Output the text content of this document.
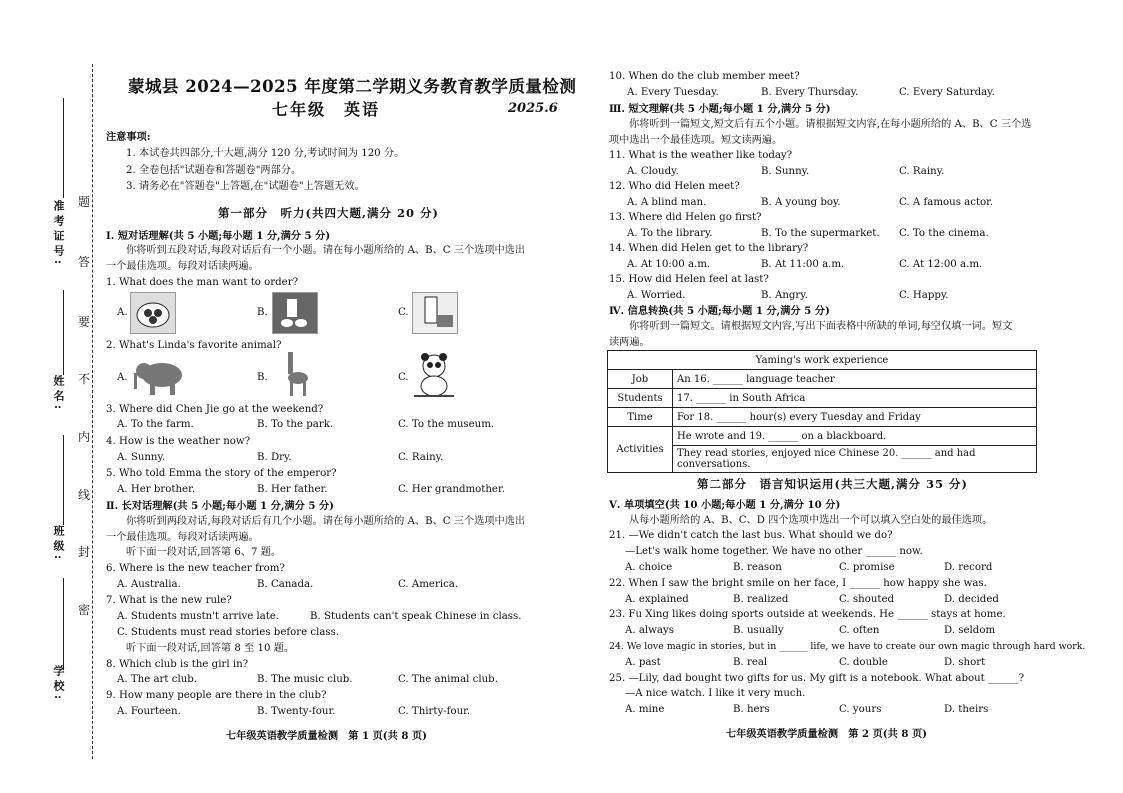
学校:
班级:
姓名:
准考证号: 题
答
要
不
内
线
封
密
蒙城县 2024—2025 年度第二学期义务教育教学质量检测
七年级　英语	2025.6
注意事项:
1. 本试卷共四部分,十大题,满分 120 分,考试时间为 120 分。
2. 全卷包括"试题卷和答题卷"两部分。
3. 请务必在"答题卷"上答题,在"试题卷"上答题无效。
第一部分　听力(共四大题,满分 20 分)
Ⅰ. 短对话理解(共 5 小题;每小题 1 分,满分 5 分)
你将听到五段对话,每段对话后有一个小题。请在每小题所给的 A、B、C 三个选项中选出
一个最佳选项。每段对话读两遍。
1. What does the man want to order?
A.	B.	C.
2. What's Linda's favorite animal?
A.	B.	C.
3. Where did Chen Jie go at the weekend?
A. To the farm.	B. To the park.	C. To the museum.
4. How is the weather now?
A. Sunny.	B. Dry.	C. Rainy.
5. Who told Emma the story of the emperor?
A. Her brother.	B. Her father.	C. Her grandmother.
Ⅱ. 长对话理解(共 5 小题;每小题 1 分,满分 5 分)
你将听到两段对话,每段对话后有几个小题。请在每小题所给的 A、B、C 三个选项中选出
一个最佳选项。每段对话读两遍。
听下面一段对话,回答第 6、7 题。
6. Where is the new teacher from?
A. Australia.	B. Canada.	C. America.
7. What is the new rule?
A. Students mustn't arrive late.	B. Students can't speak Chinese in class.
C. Students must read stories before class.
听下面一段对话,回答第 8 至 10 题。
8. Which club is the girl in?
A. The art club.	B. The music club.	C. The animal club.
9. How many people are there in the club?
A. Fourteen.	B. Twenty-four.	C. Thirty-four.
七年级英语教学质量检测　第 1 页(共 8 页)
10. When do the club member meet?
A. Every Tuesday.	B. Every Thursday.	C. Every Saturday.
Ⅲ. 短文理解(共 5 小题;每小题 1 分,满分 5 分)
你将听到一篇短文,短文后有五个小题。请根据短文内容,在每小题所给的 A、B、C 三个选
项中选出一个最佳选项。短文读两遍。
11. What is the weather like today?
A. Cloudy.	B. Sunny.	C. Rainy.
12. Who did Helen meet?
A. A blind man.	B. A young boy.	C. A famous actor.
13. Where did Helen go first?
A. To the library.	B. To the supermarket. C. To the cinema.
14. When did Helen get to the library?
A. At 10:00 a.m.	B. At 11:00 a.m.	C. At 12:00 a.m.
15. How did Helen feel at last?
A. Worried.	B. Angry.	C. Happy.
Ⅳ. 信息转换(共 5 小题;每小题 1 分,满分 5 分)
你将听到一篇短文。请根据短文内容,写出下面表格中所缺的单词,每空仅填一词。短文
读两遍。
Yaming's work experience	
Job	An 16. ______ language teacher
Students	17. ______ in South Africa
Time	For 18. ______ hour(s) every Tuesday and Friday
Activities	He wrote and 19. ______ on a blackboard.
	They read stories, enjoyed nice Chinese 20. ______ and had conversations.
第二部分　语言知识运用(共三大题,满分 35 分)
Ⅴ. 单项填空(共 10 小题;每小题 1 分,满分 10 分)
从每小题所给的 A、B、C、D 四个选项中选出一个可以填入空白处的最佳选项。
21. —We didn't catch the last bus. What should we do?
—Let's walk home together. We have no other ______ now.
A. choice	B. reason	C. promise	D. record
22. When I saw the bright smile on her face, I ______ how happy she was.
A. explained	B. realized	C. shouted	D. decided
23. Fu Xing likes doing sports outside at weekends. He ______ stays at home.
A. always	B. usually	C. often	D. seldom
24. We love magic in stories, but in ______ life, we have to create our own magic through hard work.
A. past	B. real	C. double	D. short
25. —Lily, dad bought two gifts for us. My gift is a notebook. What about ______?
—A nice watch. I like it very much.
A. mine	B. hers	C. yours	D. theirs
七年级英语教学质量检测　第 2 页(共 8 页)
